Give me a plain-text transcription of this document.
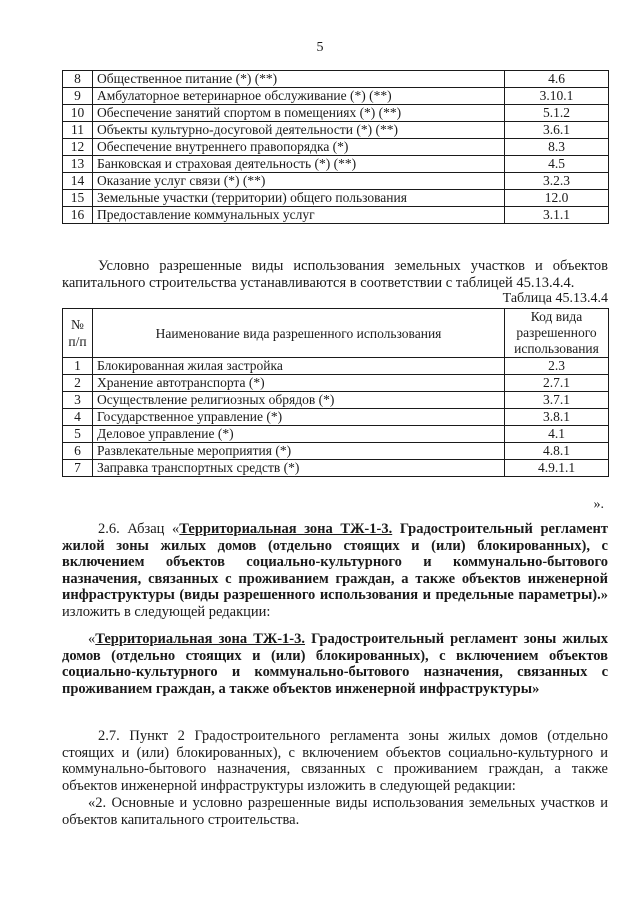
5
8	Общественное питание (*) (**)	4.6
9	Амбулаторное ветеринарное обслуживание (*) (**)	3.10.1
10	Обеспечение занятий спортом в помещениях (*) (**)	5.1.2
11	Объекты культурно-досуговой деятельности (*) (**)	3.6.1
12	Обеспечение внутреннего правопорядка (*)	8.3
13	Банковская и страховая деятельность (*) (**)	4.5
14	Оказание услуг связи (*) (**)	3.2.3
15	Земельные участки (территории) общего пользования	12.0
16	Предоставление коммунальных услуг	3.1.1
Условно разрешенные виды использования земельных участков и объектов капитального строительства устанавливаются в соответствии с таблицей 45.13.4.4.
Таблица 45.13.4.4
№ п/п	Наименование вида разрешенного использования	Код вида разрешенного использования
1	Блокированная жилая застройка	2.3
2	Хранение автотранспорта (*)	2.7.1
3	Осуществление религиозных обрядов (*)	3.7.1
4	Государственное управление (*)	3.8.1
5	Деловое управление (*)	4.1
6	Развлекательные мероприятия (*)	4.8.1
7	Заправка транспортных средств (*)	4.9.1.1
».
2.6. Абзац «Территориальная зона ТЖ-1-3. Градостроительный регламент жилой зоны жилых домов (отдельно стоящих и (или) блокированных), с включением объектов социально-культурного и коммунально-бытового назначения, связанных с проживанием граждан, а также объектов инженерной инфраструктуры (виды разрешенного использования и предельные параметры).» изложить в следующей редакции:
«Территориальная зона ТЖ-1-3. Градостроительный регламент зоны жилых домов (отдельно стоящих и (или) блокированных), с включением объектов социально-культурного и коммунально-бытового назначения, связанных с проживанием граждан, а также объектов инженерной инфраструктуры»
2.7. Пункт 2 Градостроительного регламента зоны жилых домов (отдельно стоящих и (или) блокированных), с включением объектов социально-культурного и коммунально-бытового назначения, связанных с проживанием граждан, а также объектов инженерной инфраструктуры изложить в следующей редакции:
«2. Основные и условно разрешенные виды использования земельных участков и объектов капитального строительства.
